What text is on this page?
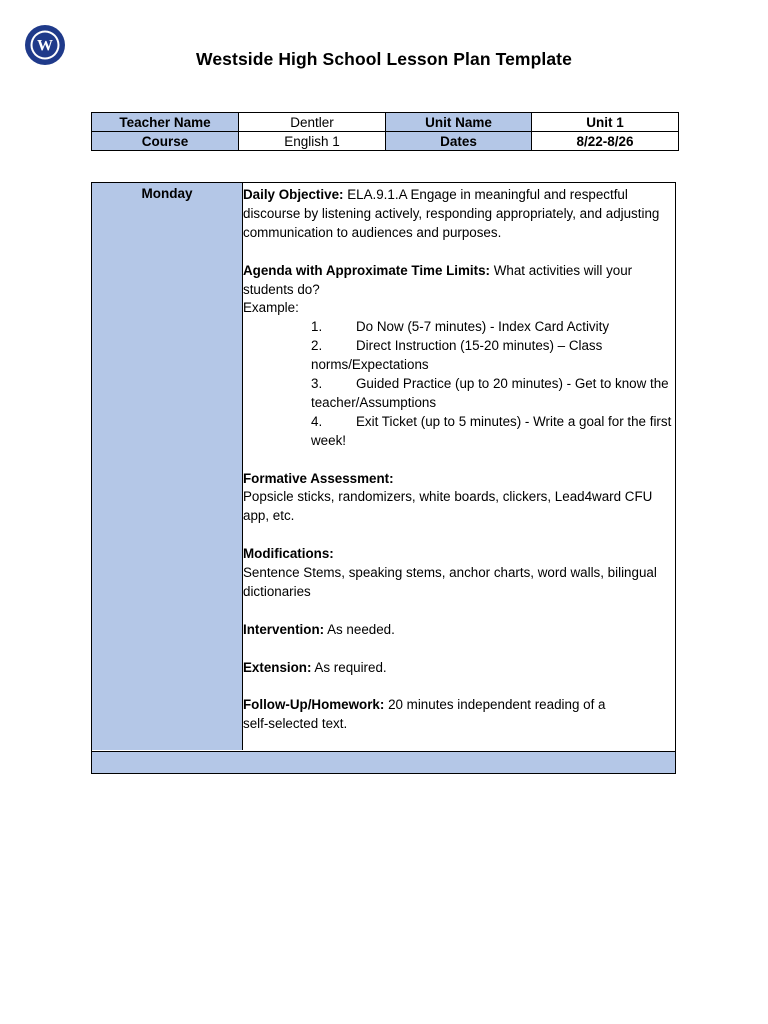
W
Westside High School Lesson Plan Template
Teacher Name	Dentler	Unit Name	Unit 1
Course	English 1	Dates	8/22-8/26
Monday	Daily Objective: ELA.9.1.A Engage in meaningful and respectful discourse by listening actively, responding appropriately, and adjusting communication to audiences and purposes.

Agenda with Approximate Time Limits: What activities will your students do?

Example:

1.	Do Now (5-7 minutes) - Index Card Activity
2.	Direct Instruction (15-20 minutes) – Class norms/Expectations
3.	Guided Practice (up to 20 minutes) - Get to know the teacher/Assumptions
4.	Exit Ticket (up to 5 minutes) - Write a goal for the first week!

Formative Assessment:

Popsicle sticks, randomizers, white boards, clickers, Lead4ward CFU app, etc.

Modifications:

Sentence Stems, speaking stems, anchor charts, word walls, bilingual dictionaries

Intervention: As needed.

Extension: As required.

Follow-Up/Homework: 20 minutes independent reading of a self-selected text.
